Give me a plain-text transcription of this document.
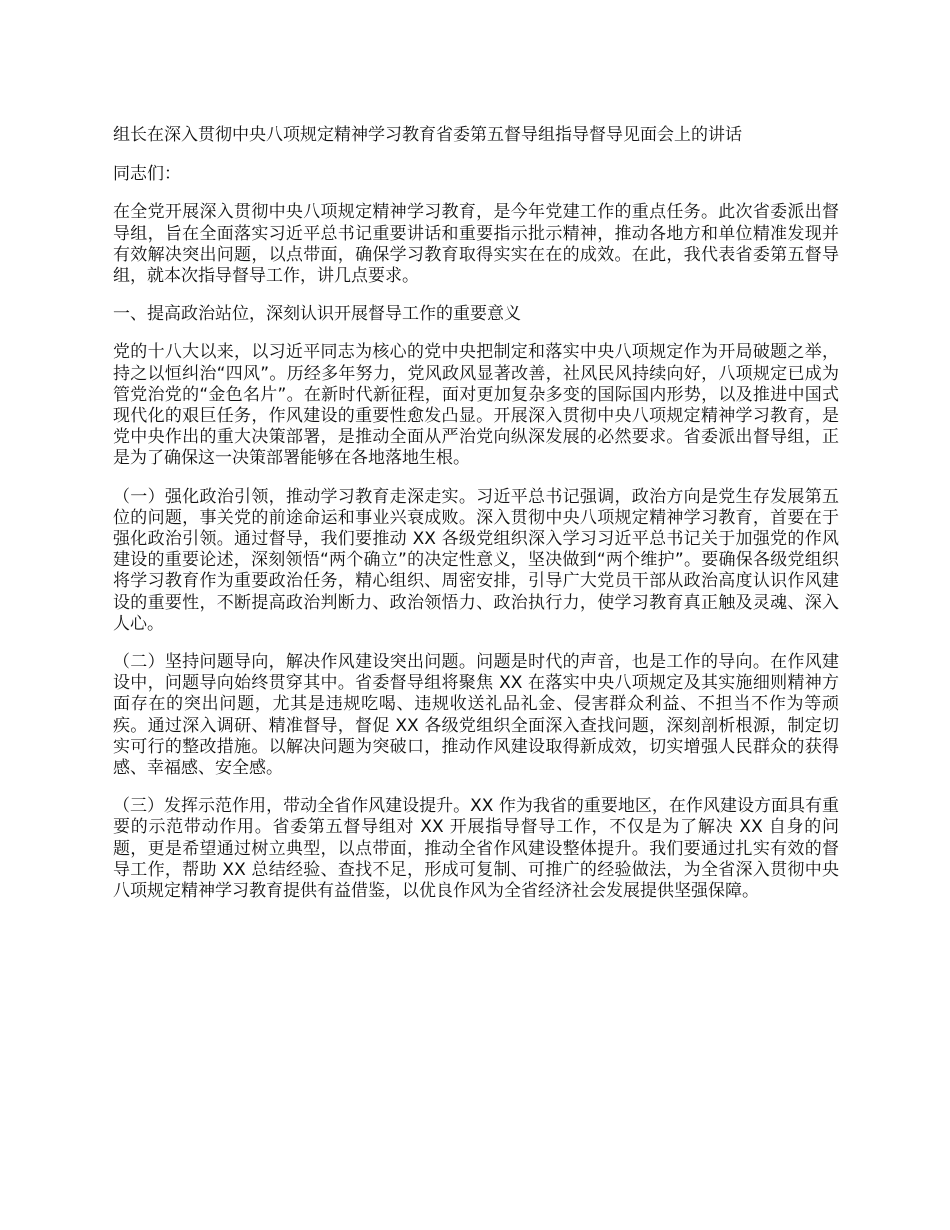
组长在深入贯彻中央八项规定精神学习教育省委第五督导组指导督导见面会上的讲话

同志们：

在全党开展深入贯彻中央八项规定精神学习教育，是今年党建工作的重点任务。此次省委派出督导组，旨在全面落实习近平总书记重要讲话和重要指示批示精神，推动各地方和单位精准发现并有效解决突出问题，以点带面，确保学习教育取得实实在在的成效。在此，我代表省委第五督导组，就本次指导督导工作，讲几点要求。

一、提高政治站位，深刻认识开展督导工作的重要意义

党的十八大以来，以习近平同志为核心的党中央把制定和落实中央八项规定作为开局破题之举，持之以恒纠治“四风”。历经多年努力，党风政风显著改善，社风民风持续向好，八项规定已成为管党治党的“金色名片”。在新时代新征程，面对更加复杂多变的国际国内形势，以及推进中国式现代化的艰巨任务，作风建设的重要性愈发凸显。开展深入贯彻中央八项规定精神学习教育，是党中央作出的重大决策部署，是推动全面从严治党向纵深发展的必然要求。省委派出督导组，正是为了确保这一决策部署能够在各地落地生根。

（一）强化政治引领，推动学习教育走深走实。习近平总书记强调，政治方向是党生存发展第五位的问题，事关党的前途命运和事业兴衰成败。深入贯彻中央八项规定精神学习教育，首要在于强化政治引领。通过督导，我们要推动 XX 各级党组织深入学习习近平总书记关于加强党的作风建设的重要论述，深刻领悟“两个确立”的决定性意义，坚决做到“两个维护”。要确保各级党组织将学习教育作为重要政治任务，精心组织、周密安排，引导广大党员干部从政治高度认识作风建设的重要性，不断提高政治判断力、政治领悟力、政治执行力，使学习教育真正触及灵魂、深入人心。

（二）坚持问题导向，解决作风建设突出问题。问题是时代的声音，也是工作的导向。在作风建设中，问题导向始终贯穿其中。省委督导组将聚焦 XX 在落实中央八项规定及其实施细则精神方面存在的突出问题，尤其是违规吃喝、违规收送礼品礼金、侵害群众利益、不担当不作为等顽疾。通过深入调研、精准督导，督促 XX 各级党组织全面深入查找问题，深刻剖析根源，制定切实可行的整改措施。以解决问题为突破口，推动作风建设取得新成效，切实增强人民群众的获得感、幸福感、安全感。

（三）发挥示范作用，带动全省作风建设提升。XX 作为我省的重要地区，在作风建设方面具有重要的示范带动作用。省委第五督导组对 XX 开展指导督导工作，不仅是为了解决 XX 自身的问题，更是希望通过树立典型，以点带面，推动全省作风建设整体提升。我们要通过扎实有效的督导工作，帮助 XX 总结经验、查找不足，形成可复制、可推广的经验做法，为全省深入贯彻中央八项规定精神学习教育提供有益借鉴，以优良作风为全省经济社会发展提供坚强保障。
